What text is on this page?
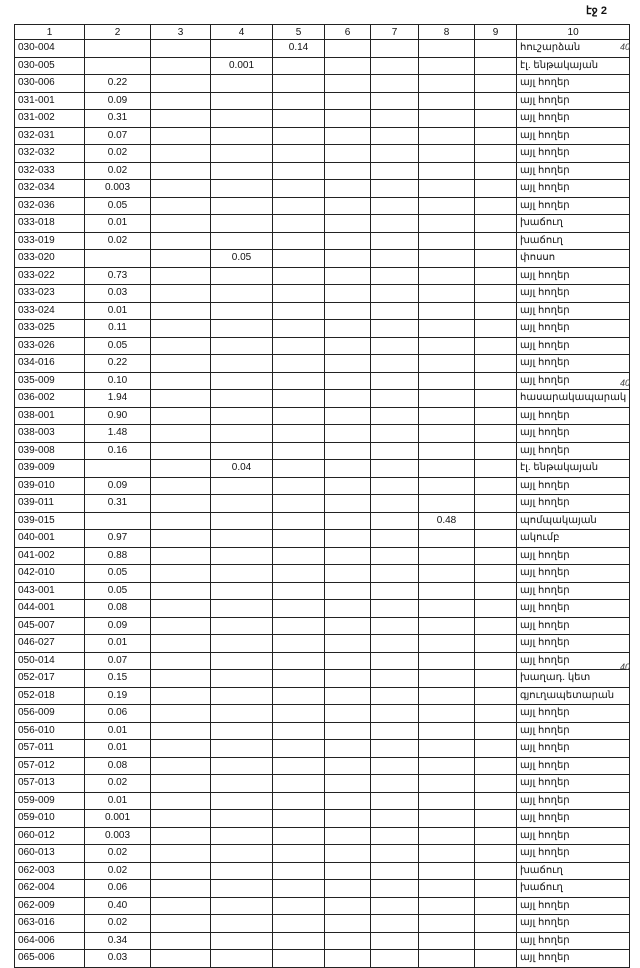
էջ 2
1	2	3	4	5	6	7	8	9	10
030-004				0.14					հուշարձան
030-005			0.001						էլ. ենթակայան
030-006	0.22								այլ հողեր
031-001	0.09								այլ հողեր
031-002	0.31								այլ հողեր
032-031	0.07								այլ հողեր
032-032	0.02								այլ հողեր
032-033	0.02								այլ հողեր
032-034	0.003								այլ հողեր
032-036	0.05								այլ հողեր
033-018	0.01								խաճուղ
033-019	0.02								խաճուղ
033-020			0.05						փոսսո
033-022	0.73								այլ հողեր
033-023	0.03								այլ հողեր
033-024	0.01								այլ հողեր
033-025	0.11								այլ հողեր
033-026	0.05								այլ հողեր
034-016	0.22								այլ հողեր
035-009	0.10								այլ հողեր
036-002	1.94								հասարակապարակ
038-001	0.90								այլ հողեր
038-003	1.48								այլ հողեր
039-008	0.16								այլ հողեր
039-009			0.04						էլ. ենթակայան
039-010	0.09								այլ հողեր
039-011	0.31								այլ հողեր
039-015							0.48		պոմպակայան
040-001	0.97								ակումբ
041-002	0.88								այլ հողեր
042-010	0.05								այլ հողեր
043-001	0.05								այլ հողեր
044-001	0.08								այլ հողեր
045-007	0.09								այլ հողեր
046-027	0.01								այլ հողեր
050-014	0.07								այլ հողեր
052-017	0.15								խաղադ. կետ
052-018	0.19								գյուղապետարան
056-009	0.06								այլ հողեր
056-010	0.01								այլ հողեր
057-011	0.01								այլ հողեր
057-012	0.08								այլ հողեր
057-013	0.02								այլ հողեր
059-009	0.01								այլ հողեր
059-010	0.001								այլ հողեր
060-012	0.003								այլ հողեր
060-013	0.02								այլ հողեր
062-003	0.02								խաճուղ
062-004	0.06								խաճուղ
062-009	0.40								այլ հողեր
063-016	0.02								այլ հողեր
064-006	0.34								այլ հողեր
065-006	0.03								այլ հողեր
40
40
40
